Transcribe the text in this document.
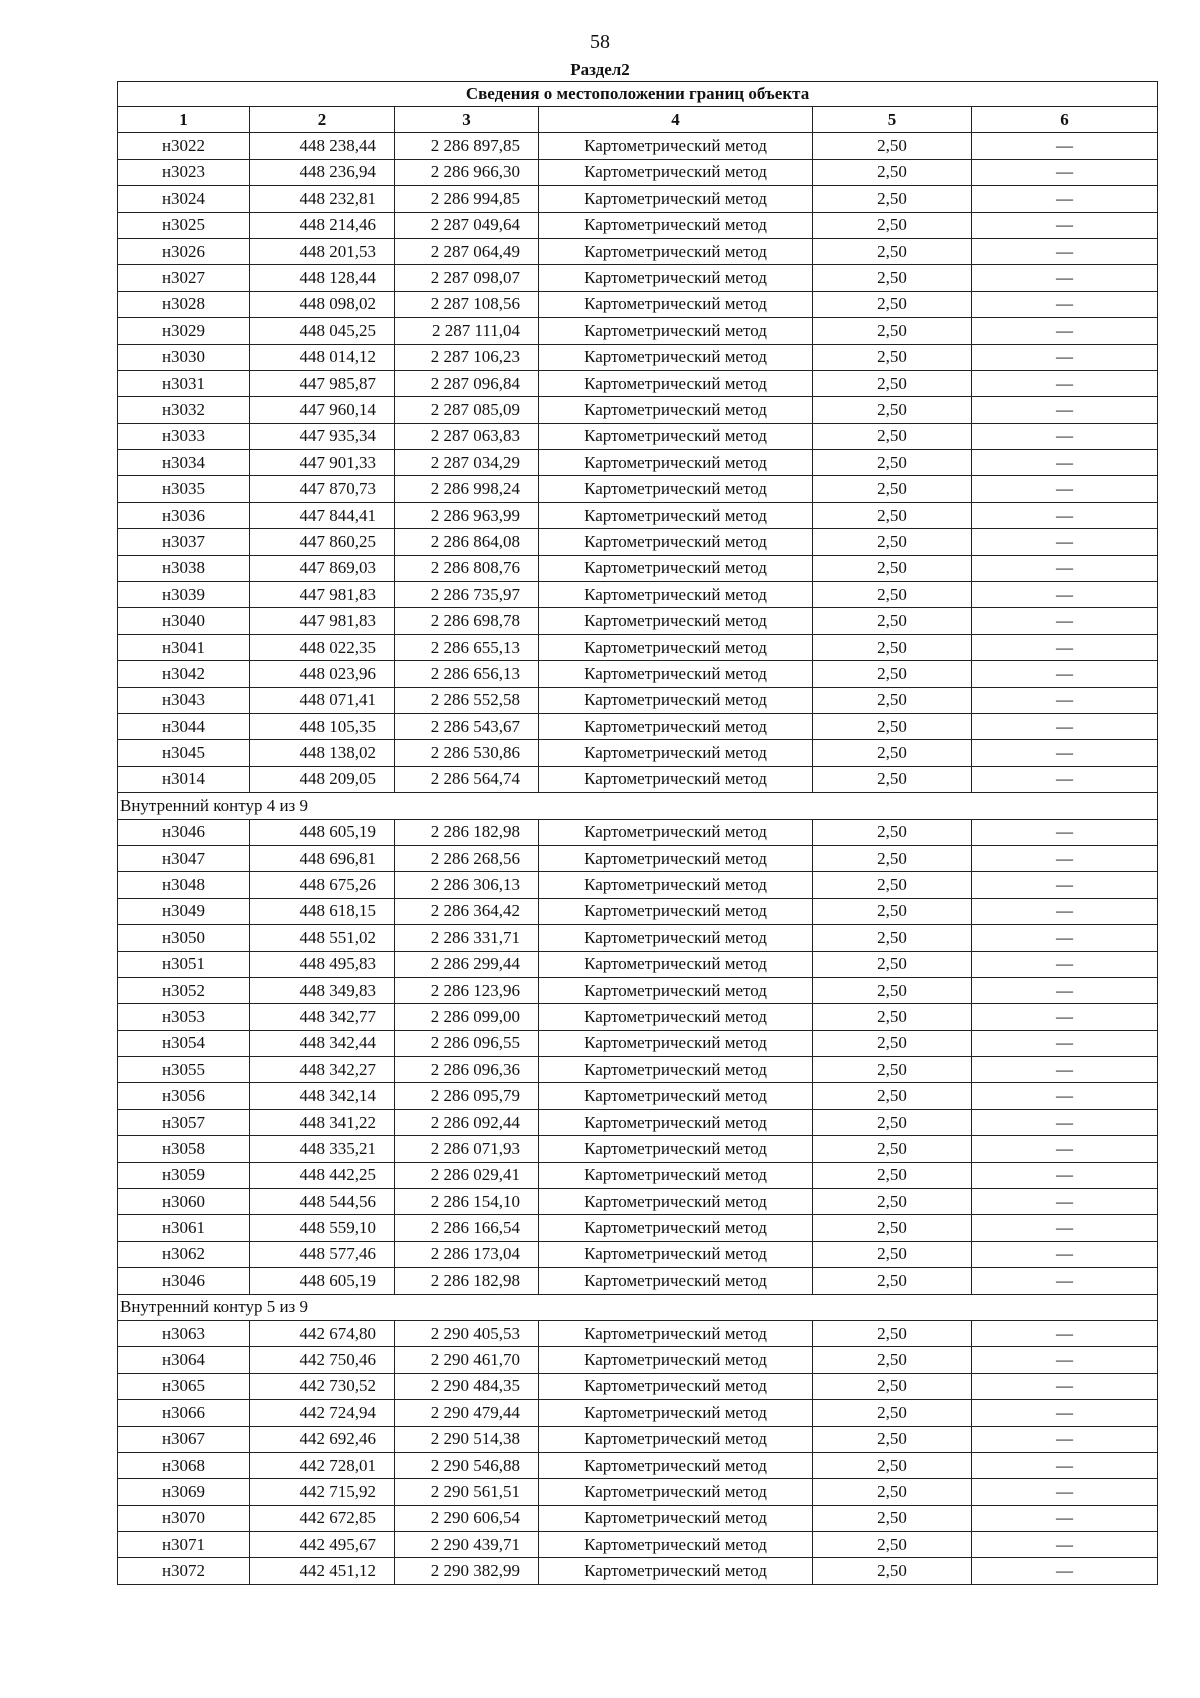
58
Раздел2
Сведения о местоположении границ объекта					
1	2	3	4	5	6
н3022	448 238,44	2 286 897,85	Картометрический метод	2,50	—
н3023	448 236,94	2 286 966,30	Картометрический метод	2,50	—
н3024	448 232,81	2 286 994,85	Картометрический метод	2,50	—
н3025	448 214,46	2 287 049,64	Картометрический метод	2,50	—
н3026	448 201,53	2 287 064,49	Картометрический метод	2,50	—
н3027	448 128,44	2 287 098,07	Картометрический метод	2,50	—
н3028	448 098,02	2 287 108,56	Картометрический метод	2,50	—
н3029	448 045,25	2 287 111,04	Картометрический метод	2,50	—
н3030	448 014,12	2 287 106,23	Картометрический метод	2,50	—
н3031	447 985,87	2 287 096,84	Картометрический метод	2,50	—
н3032	447 960,14	2 287 085,09	Картометрический метод	2,50	—
н3033	447 935,34	2 287 063,83	Картометрический метод	2,50	—
н3034	447 901,33	2 287 034,29	Картометрический метод	2,50	—
н3035	447 870,73	2 286 998,24	Картометрический метод	2,50	—
н3036	447 844,41	2 286 963,99	Картометрический метод	2,50	—
н3037	447 860,25	2 286 864,08	Картометрический метод	2,50	—
н3038	447 869,03	2 286 808,76	Картометрический метод	2,50	—
н3039	447 981,83	2 286 735,97	Картометрический метод	2,50	—
н3040	447 981,83	2 286 698,78	Картометрический метод	2,50	—
н3041	448 022,35	2 286 655,13	Картометрический метод	2,50	—
н3042	448 023,96	2 286 656,13	Картометрический метод	2,50	—
н3043	448 071,41	2 286 552,58	Картометрический метод	2,50	—
н3044	448 105,35	2 286 543,67	Картометрический метод	2,50	—
н3045	448 138,02	2 286 530,86	Картометрический метод	2,50	—
н3014	448 209,05	2 286 564,74	Картометрический метод	2,50	—
Внутренний контур 4 из 9					
н3046	448 605,19	2 286 182,98	Картометрический метод	2,50	—
н3047	448 696,81	2 286 268,56	Картометрический метод	2,50	—
н3048	448 675,26	2 286 306,13	Картометрический метод	2,50	—
н3049	448 618,15	2 286 364,42	Картометрический метод	2,50	—
н3050	448 551,02	2 286 331,71	Картометрический метод	2,50	—
н3051	448 495,83	2 286 299,44	Картометрический метод	2,50	—
н3052	448 349,83	2 286 123,96	Картометрический метод	2,50	—
н3053	448 342,77	2 286 099,00	Картометрический метод	2,50	—
н3054	448 342,44	2 286 096,55	Картометрический метод	2,50	—
н3055	448 342,27	2 286 096,36	Картометрический метод	2,50	—
н3056	448 342,14	2 286 095,79	Картометрический метод	2,50	—
н3057	448 341,22	2 286 092,44	Картометрический метод	2,50	—
н3058	448 335,21	2 286 071,93	Картометрический метод	2,50	—
н3059	448 442,25	2 286 029,41	Картометрический метод	2,50	—
н3060	448 544,56	2 286 154,10	Картометрический метод	2,50	—
н3061	448 559,10	2 286 166,54	Картометрический метод	2,50	—
н3062	448 577,46	2 286 173,04	Картометрический метод	2,50	—
н3046	448 605,19	2 286 182,98	Картометрический метод	2,50	—
Внутренний контур 5 из 9					
н3063	442 674,80	2 290 405,53	Картометрический метод	2,50	—
н3064	442 750,46	2 290 461,70	Картометрический метод	2,50	—
н3065	442 730,52	2 290 484,35	Картометрический метод	2,50	—
н3066	442 724,94	2 290 479,44	Картометрический метод	2,50	—
н3067	442 692,46	2 290 514,38	Картометрический метод	2,50	—
н3068	442 728,01	2 290 546,88	Картометрический метод	2,50	—
н3069	442 715,92	2 290 561,51	Картометрический метод	2,50	—
н3070	442 672,85	2 290 606,54	Картометрический метод	2,50	—
н3071	442 495,67	2 290 439,71	Картометрический метод	2,50	—
н3072	442 451,12	2 290 382,99	Картометрический метод	2,50	—
